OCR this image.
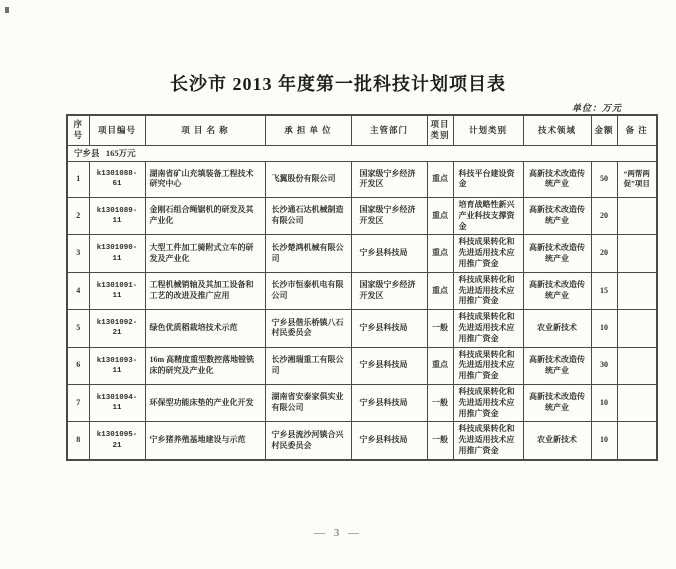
长沙市 2013 年度第一批科技计划项目表
单位：万元
序号	项目编号	项 目 名 称	承 担 单 位	主管部门	项目类别	计划类别	技术领域	金额	备 注
宁乡县   165万元									
1	k1301088-61	湖南省矿山充填装备工程技术研究中心	飞翼股份有限公司	国家级宁乡经济开发区	重点	科技平台建设资金	高新技术改造传统产业	50	“两帮两促”项目
2	k1301089-11	金刚石组合绳锯机的研发及其产业化	长沙通石达机械制造有限公司	国家级宁乡经济开发区	重点	培育战略性新兴产业科技支撑资金	高新技术改造传统产业	20	
3	k1301090-11	大型工件加工骑附式立车的研发及产业化	长沙楚鸿机械有限公司	宁乡县科技局	重点	科技成果转化和先进适用技术应用推广资金	高新技术改造传统产业	20	
4	k1301091-11	工程机械销轴及其加工设备和工艺的改进及推广应用	长沙市恒泰机电有限公司	国家级宁乡经济开发区	重点	科技成果转化和先进适用技术应用推广资金	高新技术改造传统产业	15	
5	k1301092-21	绿色优质稻栽培技术示范	宁乡县偕乐桥镇八石村民委员会	宁乡县科技局	一般	科技成果转化和先进适用技术应用推广资金	农业新技术	10	
6	k1301093-11	16m 高精度重型数控落地镗铣床的研究及产业化	长沙湘瑞重工有限公司	宁乡县科技局	重点	科技成果转化和先进适用技术应用推广资金	高新技术改造传统产业	30	
7	k1301094-11	环保型功能床垫的产业化开发	湖南省安泰家俱实业有限公司	宁乡县科技局	一般	科技成果转化和先进适用技术应用推广资金	高新技术改造传统产业	10	
8	k1301095-21	宁乡猪养殖基地建设与示范	宁乡县流沙河镇合兴村民委员会	宁乡县科技局	一般	科技成果转化和先进适用技术应用推广资金	农业新技术	10	
— 3 —
